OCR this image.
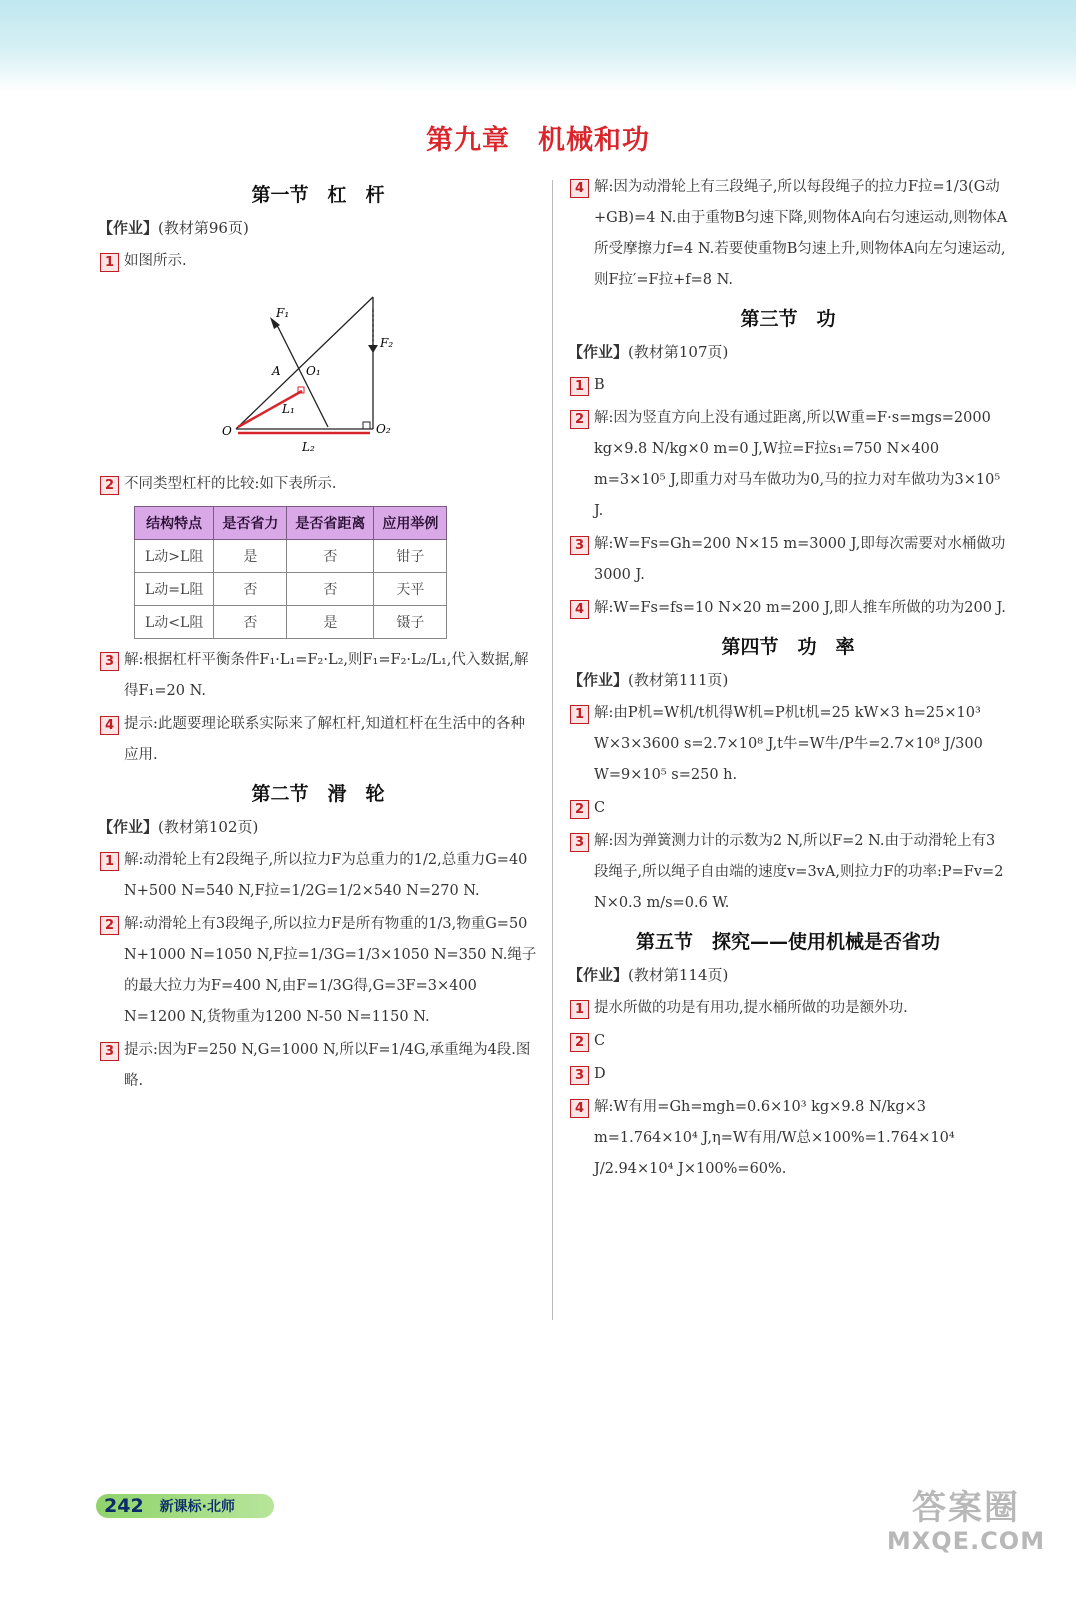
第九章　机械和功
第一节　杠　杆
【作业】(教材第96页)
1 如图所示.
F₁
F₂
A O₁
L₁
O	O₂
L₂
2 不同类型杠杆的比较:如下表所示.
结构特点	是否省力	是否省距离	应用举例
L动>L阻	是	否	钳子
L动=L阻	否	否	天平
L动<L阻	否	是	镊子
3 解:根据杠杆平衡条件F₁·L₁=F₂·L₂,则F₁=F₂·L₂/L₁,代入数据,解得F₁=20 N.
4 提示:此题要理论联系实际来了解杠杆,知道杠杆在生活中的各种应用.
第二节　滑　轮
【作业】(教材第102页)
1 解:动滑轮上有2段绳子,所以拉力F为总重力的1/2,总重力G=40 N+500 N=540 N,F拉=1/2G=1/2×540 N=270 N.
2 解:动滑轮上有3段绳子,所以拉力F是所有物重的1/3,物重G=50 N+1000 N=1050 N,F拉=1/3G=1/3×1050 N=350 N.绳子的最大拉力为F=400 N,由F=1/3G得,G=3F=3×400 N=1200 N,货物重为1200 N-50 N=1150 N.
3 提示:因为F=250 N,G=1000 N,所以F=1/4G,承重绳为4段.图略.
4 解:因为动滑轮上有三段绳子,所以每段绳子的拉力F拉=1/3(G动+GB)=4 N.由于重物B匀速下降,则物体A向右匀速运动,则物体A所受摩擦力f=4 N.若要使重物B匀速上升,则物体A向左匀速运动,则F拉′=F拉+f=8 N.
第三节　功
【作业】(教材第107页)
1 B
2 解:因为竖直方向上没有通过距离,所以W重=F·s=mgs=2000 kg×9.8 N/kg×0 m=0 J,W拉=F拉s₁=750 N×400 m=3×10⁵ J,即重力对马车做功为0,马的拉力对车做功为3×10⁵ J.
3 解:W=Fs=Gh=200 N×15 m=3000 J,即每次需要对水桶做功3000 J.
4 解:W=Fs=fs=10 N×20 m=200 J,即人推车所做的功为200 J.
第四节　功　率
【作业】(教材第111页)
1 解:由P机=W机/t机得W机=P机t机=25 kW×3 h=25×10³ W×3×3600 s=2.7×10⁸ J,t牛=W牛/P牛=2.7×10⁸ J/300 W=9×10⁵ s=250 h.
2 C
3 解:因为弹簧测力计的示数为2 N,所以F=2 N.由于动滑轮上有3段绳子,所以绳子自由端的速度v=3vA,则拉力F的功率:P=Fv=2 N×0.3 m/s=0.6 W.
第五节　探究——使用机械是否省功
【作业】(教材第114页)
1 提水所做的功是有用功,提水桶所做的功是额外功.
2 C
3 D
4 解:W有用=Gh=mgh=0.6×10³ kg×9.8 N/kg×3 m=1.764×10⁴ J,η=W有用/W总×100%=1.764×10⁴ J/2.94×10⁴ J×100%=60%.
242 新课标·北师	答案圈
MXQE.COM
